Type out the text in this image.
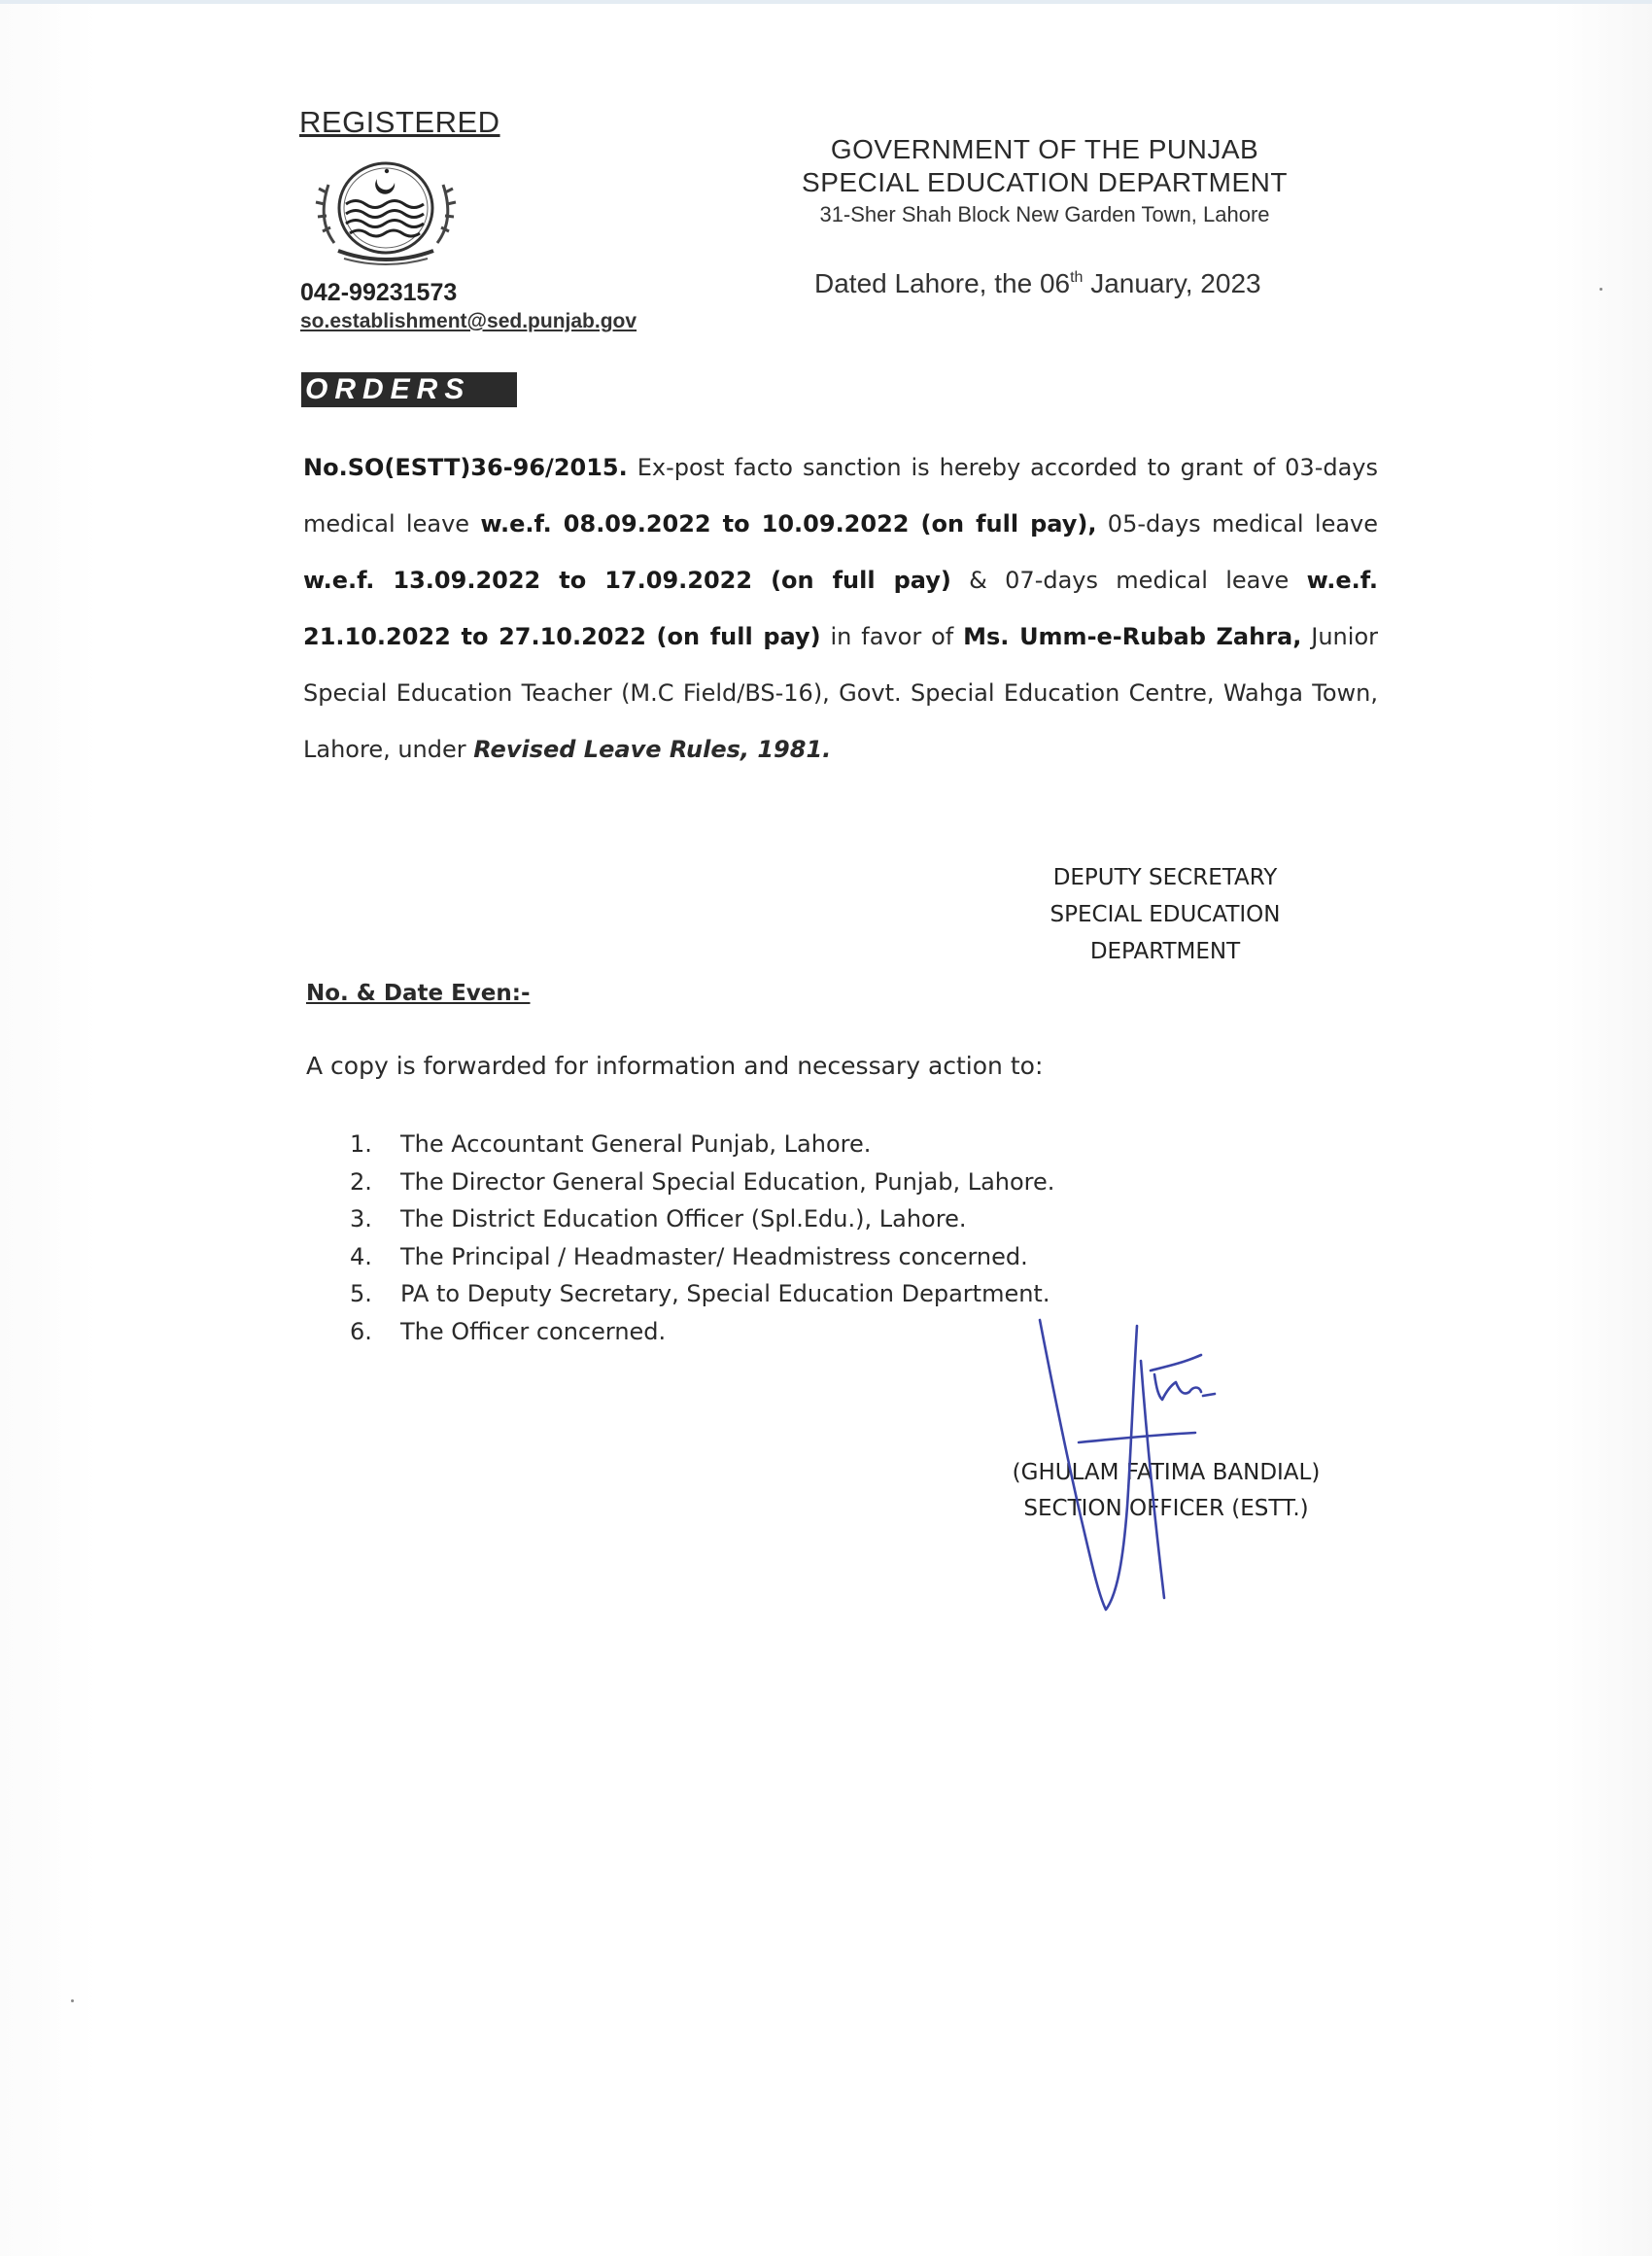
REGISTERED
042-99231573
so.establishment@sed.punjab.gov
GOVERNMENT OF THE PUNJAB
SPECIAL EDUCATION DEPARTMENT
31-Sher Shah Block New Garden Town, Lahore
Dated Lahore, the 06th January, 2023
ORDERS
No.SO(ESTT)36-96/2015. Ex-post facto sanction is hereby accorded to grant of 03-days medical leave w.e.f. 08.09.2022 to 10.09.2022 (on full pay), 05-days medical leave w.e.f. 13.09.2022 to 17.09.2022 (on full pay) & 07-days medical leave w.e.f. 21.10.2022 to 27.10.2022 (on full pay) in favor of Ms. Umm-e-Rubab Zahra, Junior Special Education Teacher (M.C Field/BS-16), Govt. Special Education Centre, Wahga Town, Lahore, under Revised Leave Rules, 1981.
DEPUTY SECRETARY
SPECIAL EDUCATION
DEPARTMENT
No. & Date Even:-
A copy is forwarded for information and necessary action to:
1. The Accountant General Punjab, Lahore.
2. The Director General Special Education, Punjab, Lahore.
3. The District Education Officer (Spl.Edu.), Lahore.
4. The Principal / Headmaster/ Headmistress concerned.
5. PA to Deputy Secretary, Special Education Department.
6. The Officer concerned.
(GHULAM FATIMA BANDIAL)
SECTION OFFICER (ESTT.)
